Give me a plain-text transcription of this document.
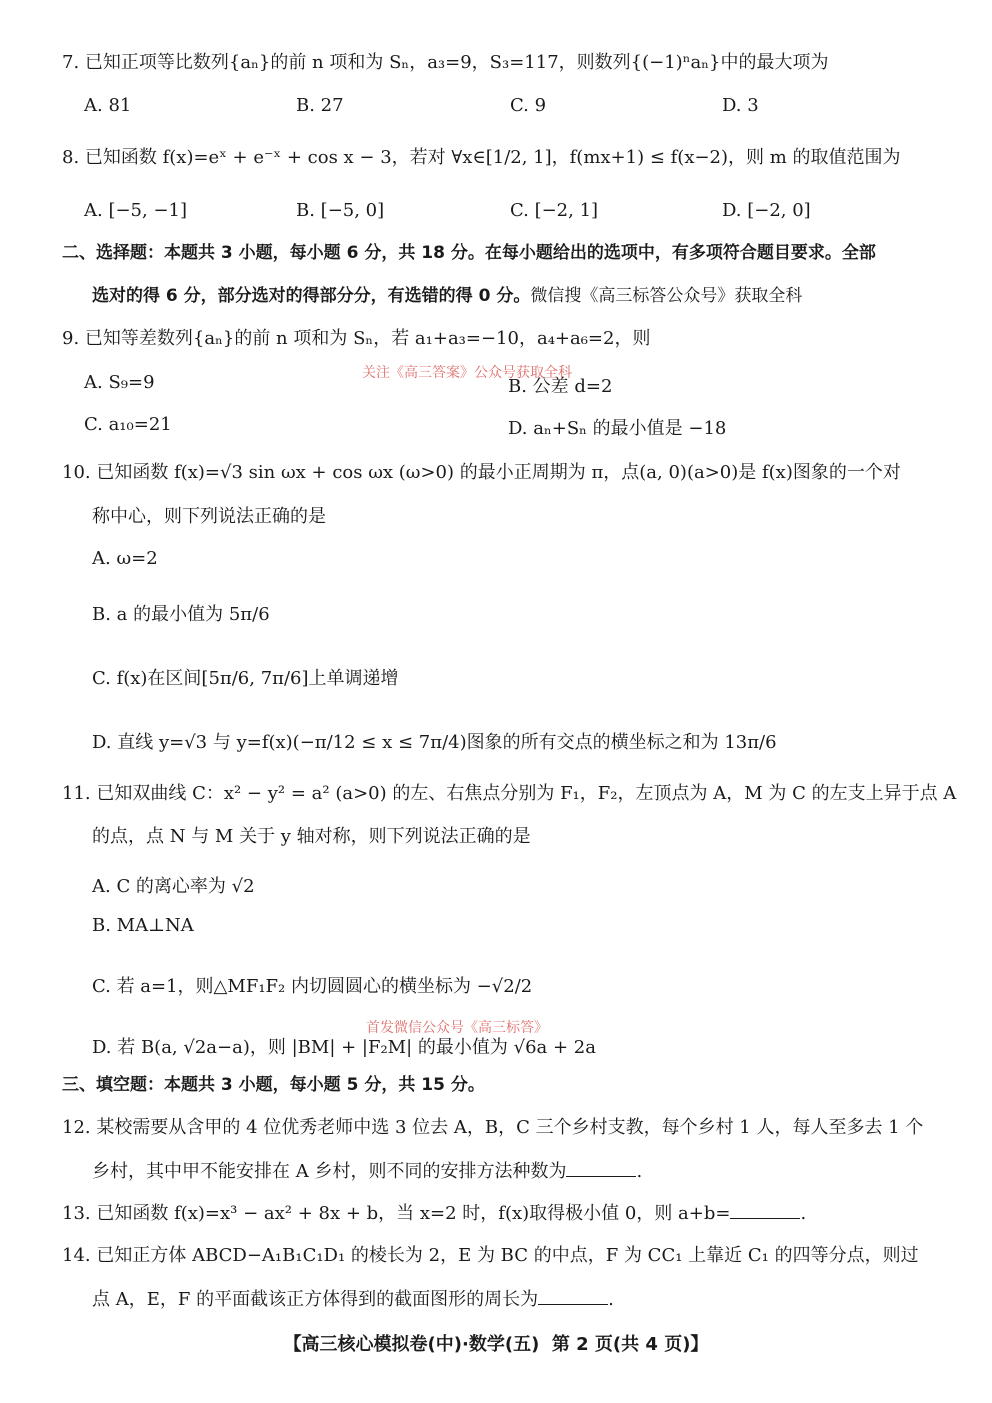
7. 已知正项等比数列{aₙ}的前 n 项和为 Sₙ，a₃=9，S₃=117，则数列{(−1)ⁿaₙ}中的最大项为
A. 81	B. 27	C. 9	D. 3
8. 已知函数 f(x)=eˣ + e⁻ˣ + cos x − 3，若对 ∀x∈[1/2, 1]，f(mx+1) ≤ f(x−2)，则 m 的取值范围为
A. [−5, −1]	B. [−5, 0]	C. [−2, 1]	D. [−2, 0]
二、选择题：本题共 3 小题，每小题 6 分，共 18 分。在每小题给出的选项中，有多项符合题目要求。全部
选对的得 6 分，部分选对的得部分分，有选错的得 0 分。微信搜《高三标答公众号》获取全科
9. 已知等差数列{aₙ}的前 n 项和为 Sₙ，若 a₁+a₃=−10，a₄+a₆=2，则
A. S₉=9	B. 公差 d=2
关注《高三答案》公众号获取全科
C. a₁₀=21	D. aₙ+Sₙ 的最小值是 −18
10. 已知函数 f(x)=√3 sin ωx + cos ωx (ω>0) 的最小正周期为 π，点(a, 0)(a>0)是 f(x)图象的一个对
称中心，则下列说法正确的是
A. ω=2
B. a 的最小值为 5π/6
C. f(x)在区间[5π/6, 7π/6]上单调递增
D. 直线 y=√3 与 y=f(x)(−π/12 ≤ x ≤ 7π/4)图象的所有交点的横坐标之和为 13π/6
11. 已知双曲线 C：x² − y² = a² (a>0) 的左、右焦点分别为 F₁，F₂，左顶点为 A，M 为 C 的左支上异于点 A
的点，点 N 与 M 关于 y 轴对称，则下列说法正确的是
A. C 的离心率为 √2
B. MA⊥NA
C. 若 a=1，则△MF₁F₂ 内切圆圆心的横坐标为 −√2/2
首发微信公众号《高三标答》
D. 若 B(a, √2a−a)，则 |BM| + |F₂M| 的最小值为 √6a + 2a
三、填空题：本题共 3 小题，每小题 5 分，共 15 分。
12. 某校需要从含甲的 4 位优秀老师中选 3 位去 A，B，C 三个乡村支教，每个乡村 1 人，每人至多去 1 个
乡村，其中甲不能安排在 A 乡村，则不同的安排方法种数为	.
13. 已知函数 f(x)=x³ − ax² + 8x + b，当 x=2 时，f(x)取得极小值 0，则 a+b=	.
14. 已知正方体 ABCD−A₁B₁C₁D₁ 的棱长为 2，E 为 BC 的中点，F 为 CC₁ 上靠近 C₁ 的四等分点，则过
点 A，E，F 的平面截该正方体得到的截面图形的周长为	.
【高三核心模拟卷(中)·数学(五) 第 2 页(共 4 页)】
